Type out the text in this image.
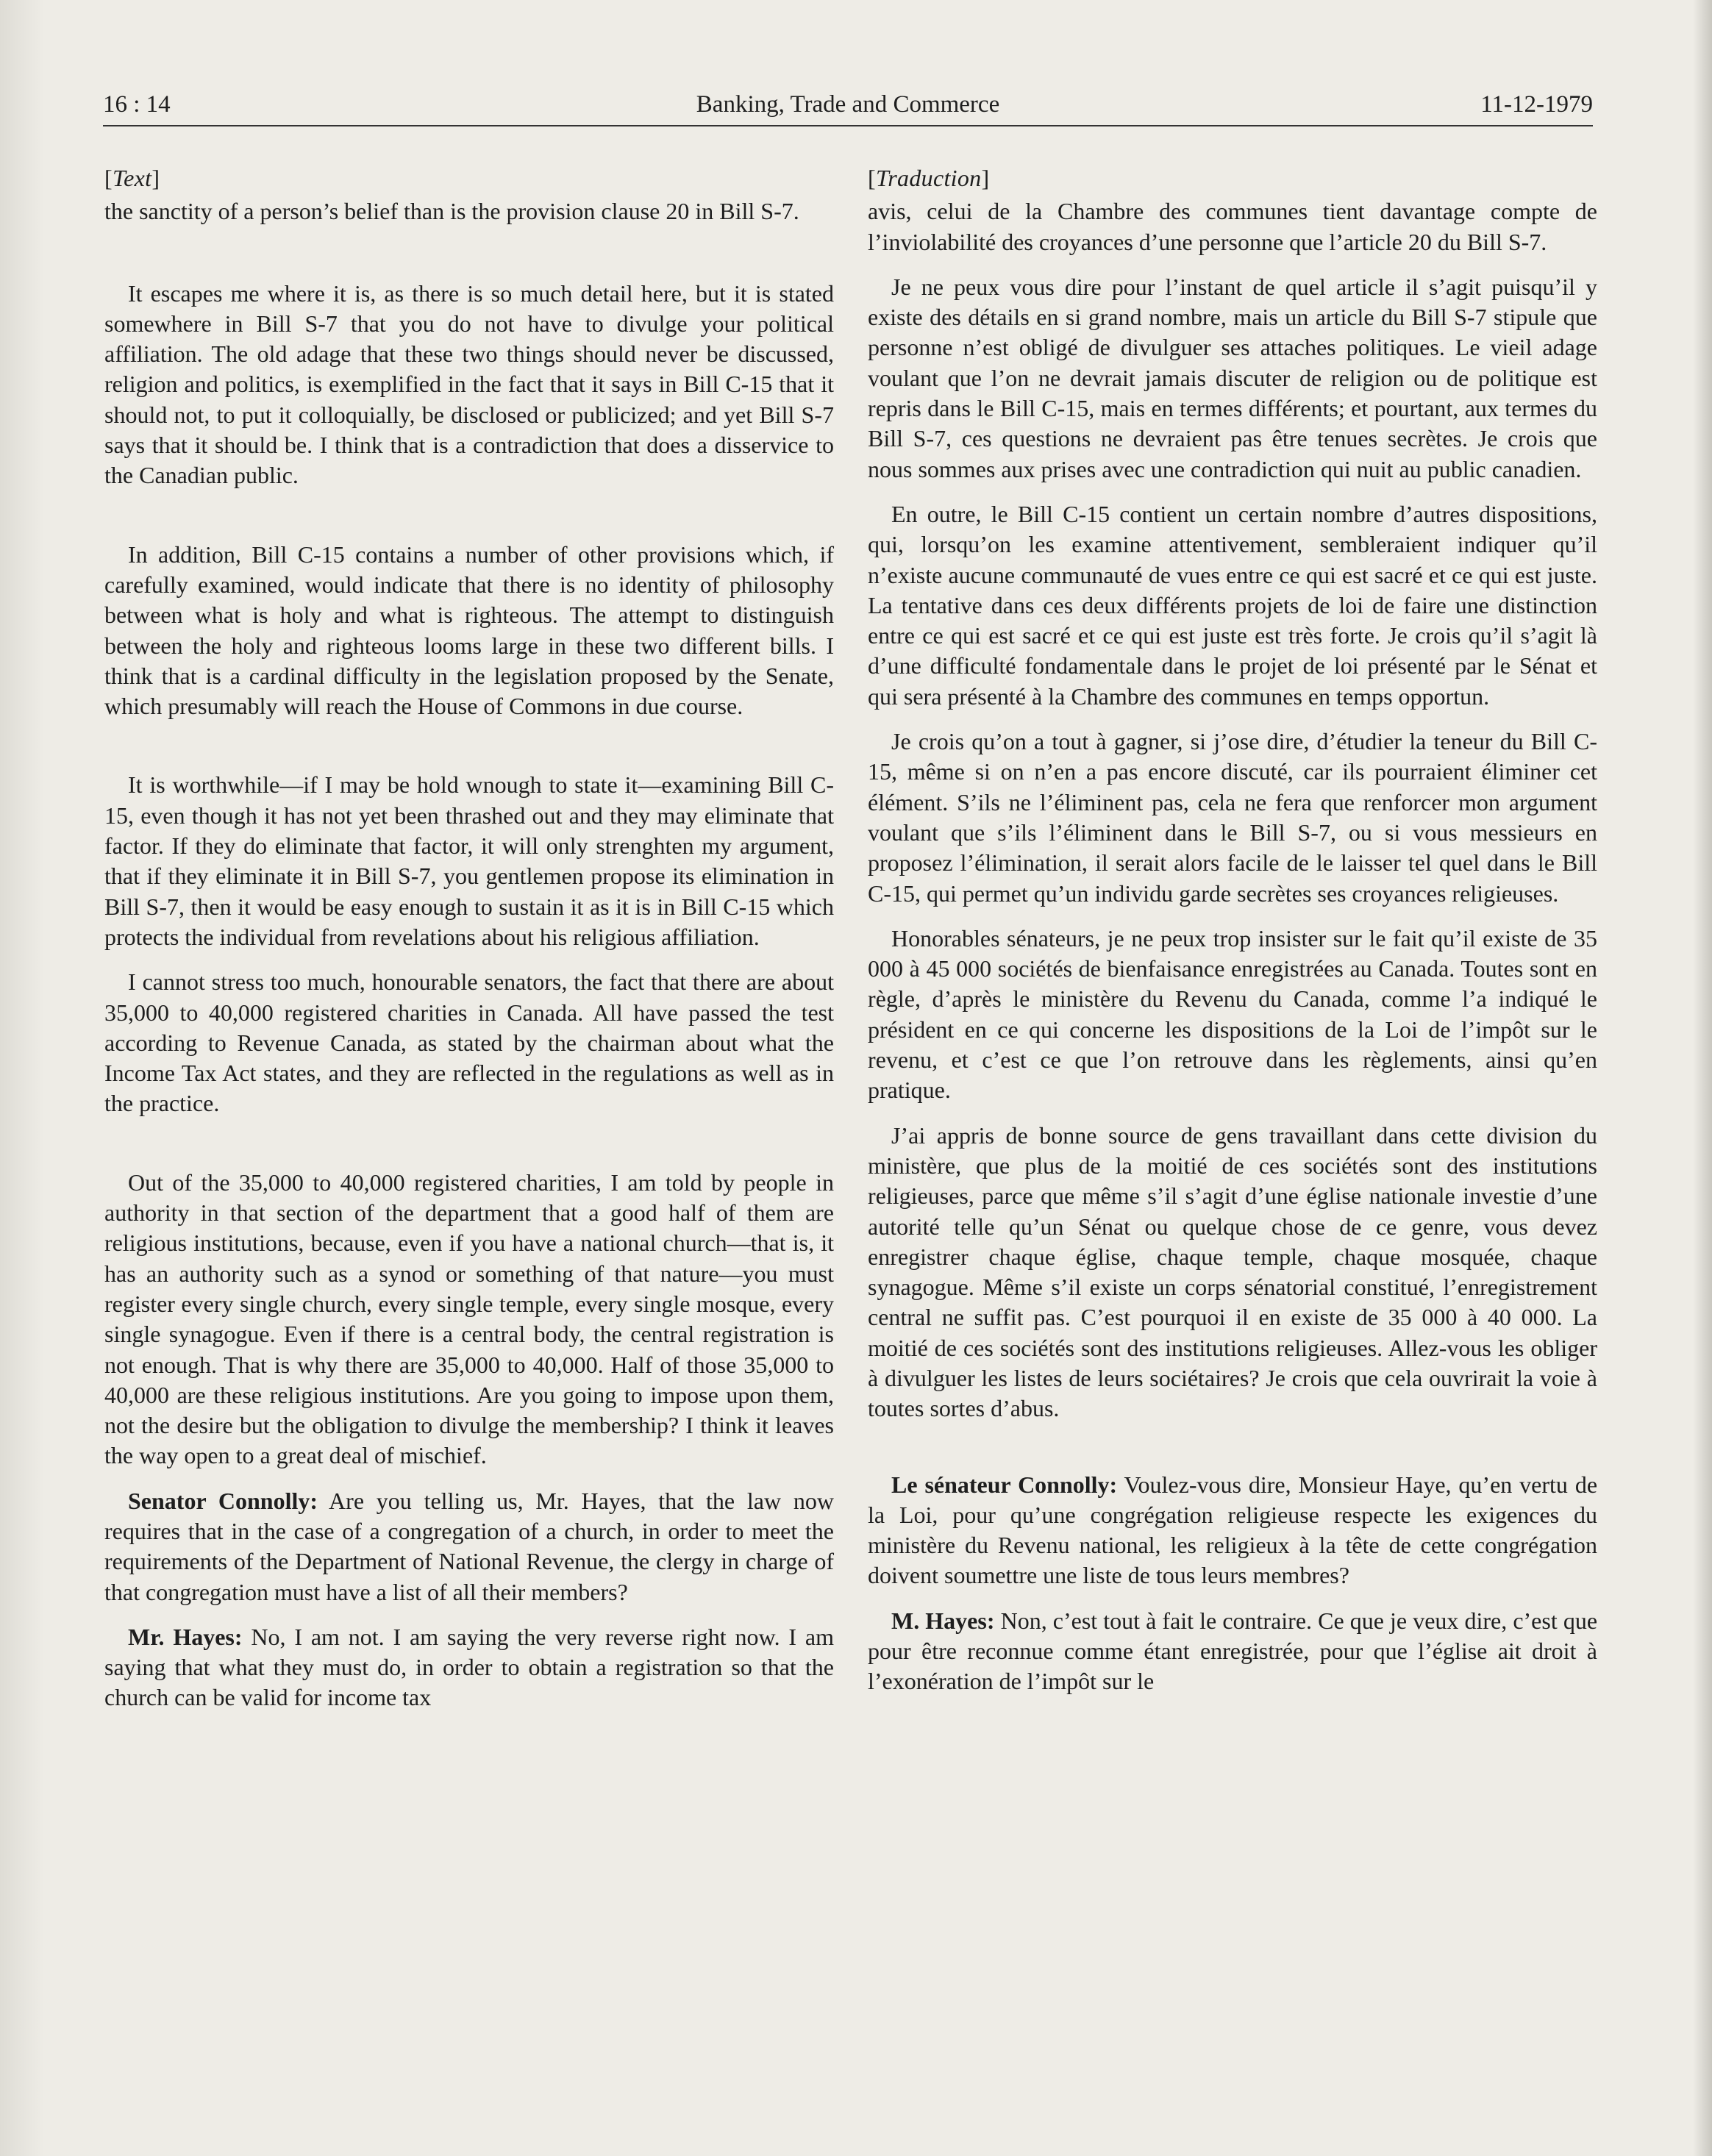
16 : 14	Banking, Trade and Commerce	11-12-1979
[Text]

the sanctity of a person’s belief than is the provision clause 20 in Bill S-7.

It escapes me where it is, as there is so much detail here, but it is stated somewhere in Bill S-7 that you do not have to divulge your political affiliation. The old adage that these two things should never be discussed, religion and politics, is exemplified in the fact that it says in Bill C-15 that it should not, to put it colloquially, be disclosed or publicized; and yet Bill S-7 says that it should be. I think that is a contradiction that does a disservice to the Canadian public.

In addition, Bill C-15 contains a number of other provisions which, if carefully examined, would indicate that there is no identity of philosophy between what is holy and what is righteous. The attempt to distinguish between the holy and righteous looms large in these two different bills. I think that is a cardinal difficulty in the legislation proposed by the Senate, which presumably will reach the House of Commons in due course.

It is worthwhile—if I may be hold wnough to state it—examining Bill C-15, even though it has not yet been thrashed out and they may eliminate that factor. If they do eliminate that factor, it will only strenghten my argument, that if they eliminate it in Bill S-7, you gentlemen propose its elimination in Bill S-7, then it would be easy enough to sustain it as it is in Bill C-15 which protects the individual from revelations about his religious affiliation.

I cannot stress too much, honourable senators, the fact that there are about 35,000 to 40,000 registered charities in Canada. All have passed the test according to Revenue Canada, as stated by the chairman about what the Income Tax Act states, and they are reflected in the regulations as well as in the practice.

Out of the 35,000 to 40,000 registered charities, I am told by people in authority in that section of the department that a good half of them are religious institutions, because, even if you have a national church—that is, it has an authority such as a synod or something of that nature—you must register every single church, every single temple, every single mosque, every single synagogue. Even if there is a central body, the central registration is not enough. That is why there are 35,000 to 40,000. Half of those 35,000 to 40,000 are these religious institutions. Are you going to impose upon them, not the desire but the obligation to divulge the membership? I think it leaves the way open to a great deal of mischief.

Senator Connolly: Are you telling us, Mr. Hayes, that the law now requires that in the case of a congregation of a church, in order to meet the requirements of the Department of National Revenue, the clergy in charge of that congregation must have a list of all their members?

Mr. Hayes: No, I am not. I am saying the very reverse right now. I am saying that what they must do, in order to obtain a registration so that the church can be valid for income tax

[Traduction]

avis, celui de la Chambre des communes tient davantage compte de l’inviolabilité des croyances d’une personne que l’article 20 du Bill S-7.

Je ne peux vous dire pour l’instant de quel article il s’agit puisqu’il y existe des détails en si grand nombre, mais un article du Bill S-7 stipule que personne n’est obligé de divulguer ses attaches politiques. Le vieil adage voulant que l’on ne devrait jamais discuter de religion ou de politique est repris dans le Bill C-15, mais en termes différents; et pourtant, aux termes du Bill S-7, ces questions ne devraient pas être tenues secrètes. Je crois que nous sommes aux prises avec une contradiction qui nuit au public canadien.

En outre, le Bill C-15 contient un certain nombre d’autres dispositions, qui, lorsqu’on les examine attentivement, sembleraient indiquer qu’il n’existe aucune communauté de vues entre ce qui est sacré et ce qui est juste. La tentative dans ces deux différents projets de loi de faire une distinction entre ce qui est sacré et ce qui est juste est très forte. Je crois qu’il s’agit là d’une difficulté fondamentale dans le projet de loi présenté par le Sénat et qui sera présenté à la Chambre des communes en temps opportun.

Je crois qu’on a tout à gagner, si j’ose dire, d’étudier la teneur du Bill C-15, même si on n’en a pas encore discuté, car ils pourraient éliminer cet élément. S’ils ne l’éliminent pas, cela ne fera que renforcer mon argument voulant que s’ils l’éliminent dans le Bill S-7, ou si vous messieurs en proposez l’élimination, il serait alors facile de le laisser tel quel dans le Bill C-15, qui permet qu’un individu garde secrètes ses croyances religieuses.

Honorables sénateurs, je ne peux trop insister sur le fait qu’il existe de 35 000 à 45 000 sociétés de bienfaisance enregistrées au Canada. Toutes sont en règle, d’après le ministère du Revenu du Canada, comme l’a indiqué le président en ce qui concerne les dispositions de la Loi de l’impôt sur le revenu, et c’est ce que l’on retrouve dans les règlements, ainsi qu’en pratique.

J’ai appris de bonne source de gens travaillant dans cette division du ministère, que plus de la moitié de ces sociétés sont des institutions religieuses, parce que même s’il s’agit d’une église nationale investie d’une autorité telle qu’un Sénat ou quelque chose de ce genre, vous devez enregistrer chaque église, chaque temple, chaque mosquée, chaque synagogue. Même s’il existe un corps sénatorial constitué, l’enregistrement central ne suffit pas. C’est pourquoi il en existe de 35 000 à 40 000. La moitié de ces sociétés sont des institutions religieuses. Allez-vous les obliger à divulguer les listes de leurs sociétaires? Je crois que cela ouvrirait la voie à toutes sortes d’abus.

Le sénateur Connolly: Voulez-vous dire, Monsieur Haye, qu’en vertu de la Loi, pour qu’une congrégation religieuse respecte les exigences du ministère du Revenu national, les religieux à la tête de cette congrégation doivent soumettre une liste de tous leurs membres?

M. Hayes: Non, c’est tout à fait le contraire. Ce que je veux dire, c’est que pour être reconnue comme étant enregistrée, pour que l’église ait droit à l’exonération de l’impôt sur le
